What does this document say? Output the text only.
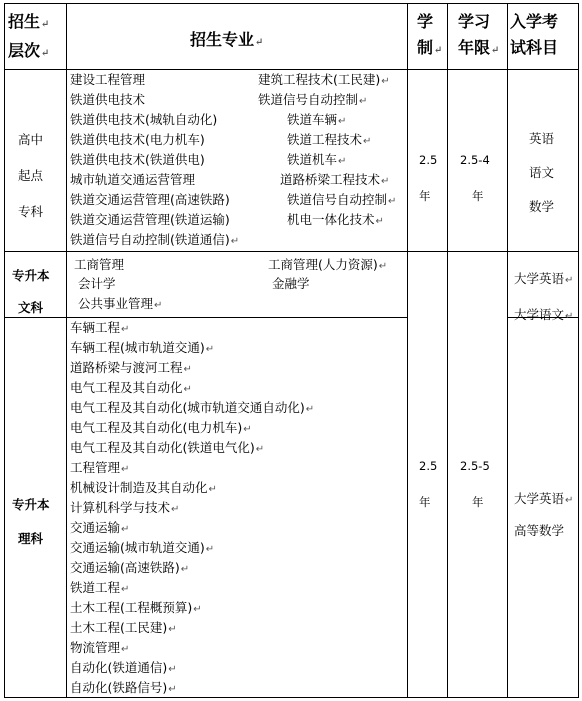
招生↵
层次↵
招生专业↵
学
制↵
学习
年限↵
入学考
试科目
高中
起点
专科
建设工程管理
铁道供电技术
铁道供电技术(城轨自动化)
铁道供电技术(电力机车)
铁道供电技术(铁道供电)
城市轨道交通运营管理
铁道交通运营管理(高速铁路)
铁道交通运营管理(铁道运输)
铁道信号自动控制(铁道通信)↵
建筑工程技术(工民建)↵
铁道信号自动控制↵
铁道车辆↵
铁道工程技术↵
铁道机车↵
道路桥梁工程技术↵
铁道信号自动控制↵
机电一体化技术↵
2.5
年
2.5-4
年
英语
语文
数学
专升本
文科
工商管理
会计学
公共事业管理↵
工商管理(人力资源)↵
金融学	大学英语↵
大学语文↵
专升本
理科
车辆工程↵
车辆工程(城市轨道交通)↵
道路桥梁与渡河工程↵
电气工程及其自动化↵
电气工程及其自动化(城市轨道交通自动化)↵
电气工程及其自动化(电力机车)↵
电气工程及其自动化(铁道电气化)↵
工程管理↵
机械设计制造及其自动化↵
计算机科学与技术↵
交通运输↵
交通运输(城市轨道交通)↵
交通运输(高速铁路)↵
铁道工程↵
土木工程(工程概预算)↵
土木工程(工民建)↵
物流管理↵
自动化(铁道通信)↵
自动化(铁路信号)↵
2.5
年
2.5-5
年	大学英语↵
高等数学
